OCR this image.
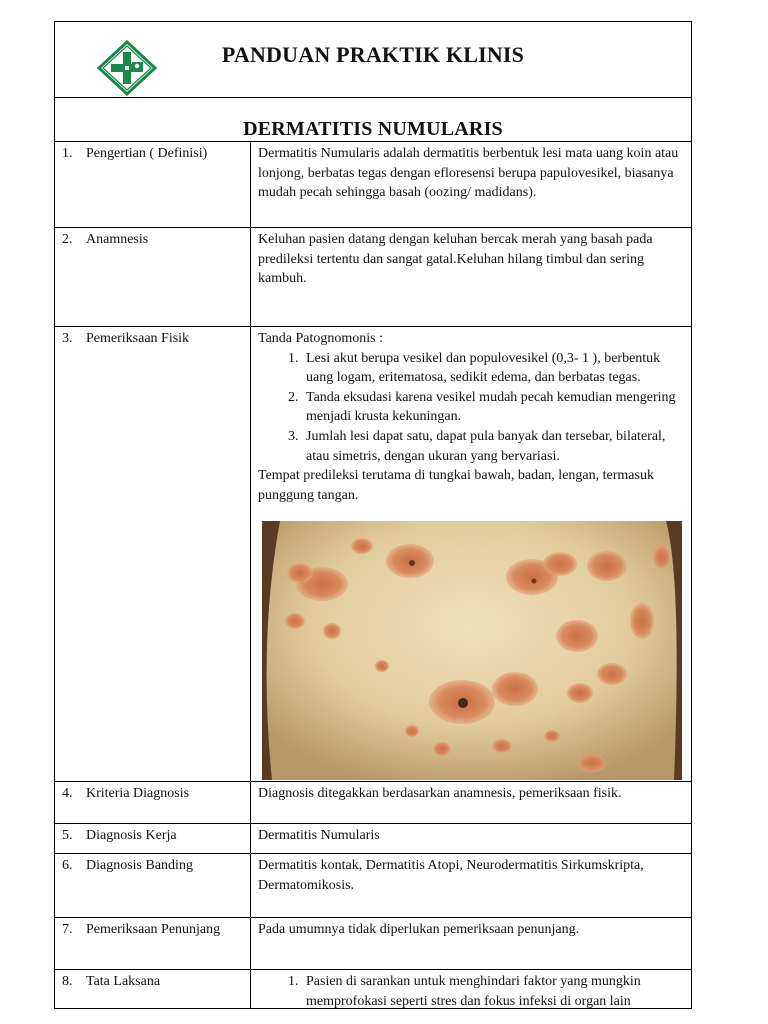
PANDUAN PRAKTIK KLINIS
DERMATITIS NUMULARIS
1. Pengertian ( Definisi)	Dermatitis Numularis adalah dermatitis berbentuk lesi mata uang koin atau lonjong, berbatas tegas dengan efloresensi berupa papulovesikel, biasanya mudah pecah sehingga basah (oozing/ madidans).
2. Anamnesis	Keluhan pasien datang dengan keluhan bercak merah yang basah pada predileksi tertentu dan sangat gatal.Keluhan hilang timbul dan sering kambuh.
3. Pemeriksaan Fisik	Tanda Patognomonis :
1. Lesi akut berupa vesikel dan populovesikel (0,3- 1 ), berbentuk uang logam, eritematosa, sedikit edema, dan berbatas tegas.
2. Tanda eksudasi karena vesikel mudah pecah kemudian mengering menjadi krusta kekuningan.
3. Jumlah lesi dapat satu, dapat pula banyak dan tersebar, bilateral, atau simetris, dengan ukuran yang bervariasi.
Tempat predileksi terutama di tungkai bawah, badan, lengan, termasuk punggung tangan.
4. Kriteria Diagnosis	Diagnosis ditegakkan berdasarkan anamnesis, pemeriksaan fisik.
5. Diagnosis Kerja	Dermatitis Numularis
6. Diagnosis Banding	Dermatitis kontak, Dermatitis Atopi, Neurodermatitis Sirkumskripta, Dermatomikosis.
7. Pemeriksaan Penunjang	Pada umumnya tidak diperlukan pemeriksaan penunjang.
8. Tata Laksana
1.	Pasien di sarankan untuk menghindari faktor yang mungkin memprofokasi seperti stres dan fokus infeksi di organ lain
